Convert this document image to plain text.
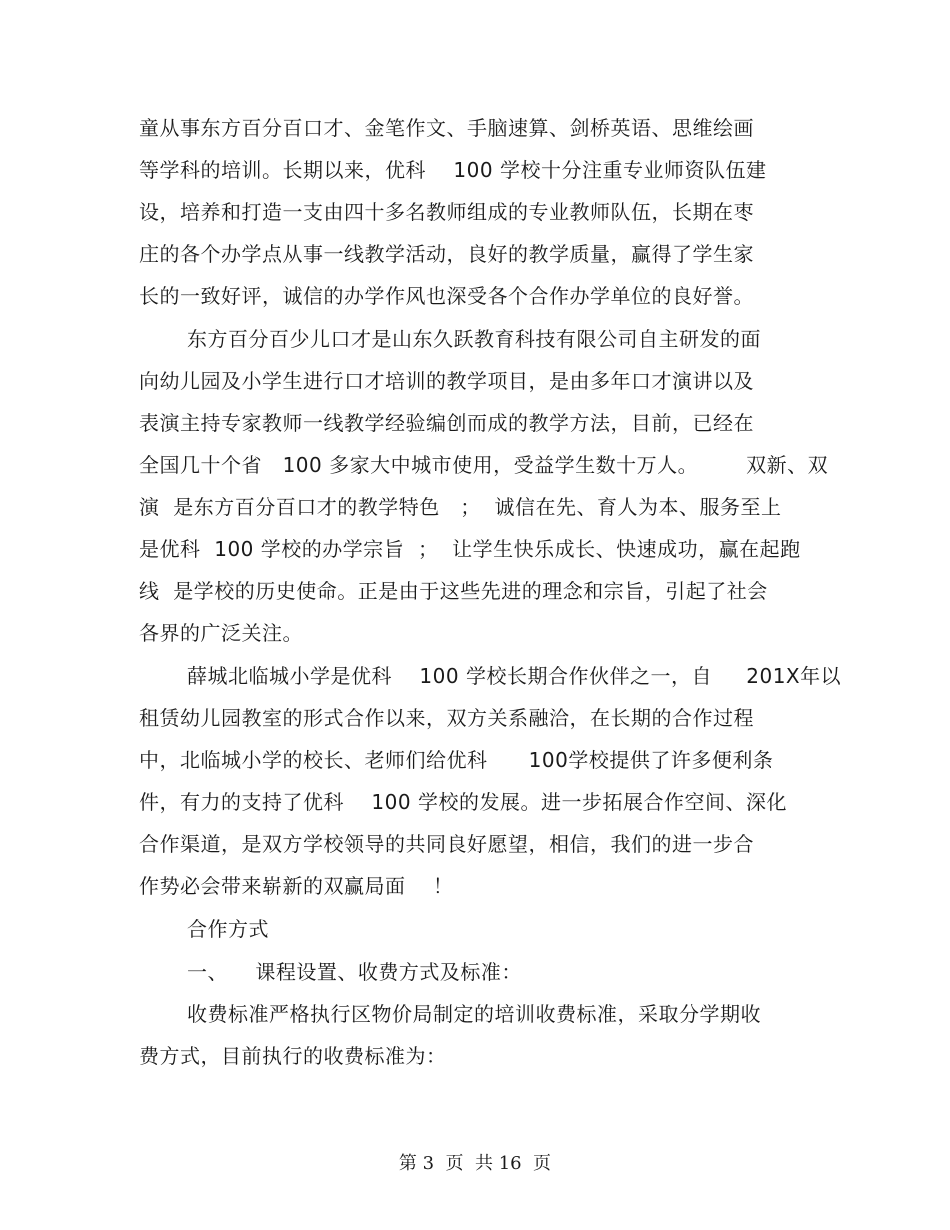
童从事东方百分百口才、金笔作文、手脑速算、剑桥英语、思维绘画
等学科的培训。长期以来，优科    100 学校十分注重专业师资队伍建
设，培养和打造一支由四十多名教师组成的专业教师队伍，长期在枣
庄的各个办学点从事一线教学活动，良好的教学质量，赢得了学生家
长的一致好评，诚信的办学作风也深受各个合作办学单位的良好誉。
东方百分百少儿口才是山东久跃教育科技有限公司自主研发的面
向幼儿园及小学生进行口才培训的教学项目，是由多年口才演讲以及
表演主持专家教师一线教学经验编创而成的教学方法，目前，已经在
全国几十个省   100 多家大中城市使用，受益学生数十万人。       双新、双
演  是东方百分百口才的教学特色   ；  诚信在先、育人为本、服务至上
是优科  100 学校的办学宗旨  ；  让学生快乐成长、快速成功，赢在起跑
线  是学校的历史使命。正是由于这些先进的理念和宗旨，引起了社会
各界的广泛关注。
薛城北临城小学是优科    100 学校长期合作伙伴之一，自     201X年以
租赁幼儿园教室的形式合作以来，双方关系融洽，在长期的合作过程
中，北临城小学的校长、老师们给优科      100学校提供了许多便利条
件，有力的支持了优科    100 学校的发展。进一步拓展合作空间、深化
合作渠道，是双方学校领导的共同良好愿望，相信，我们的进一步合
作势必会带来崭新的双赢局面    ！
合作方式
一、    课程设置、收费方式及标准：
收费标准严格执行区物价局制定的培训收费标准，采取分学期收
费方式，目前执行的收费标准为：
第 3  页  共 16  页
